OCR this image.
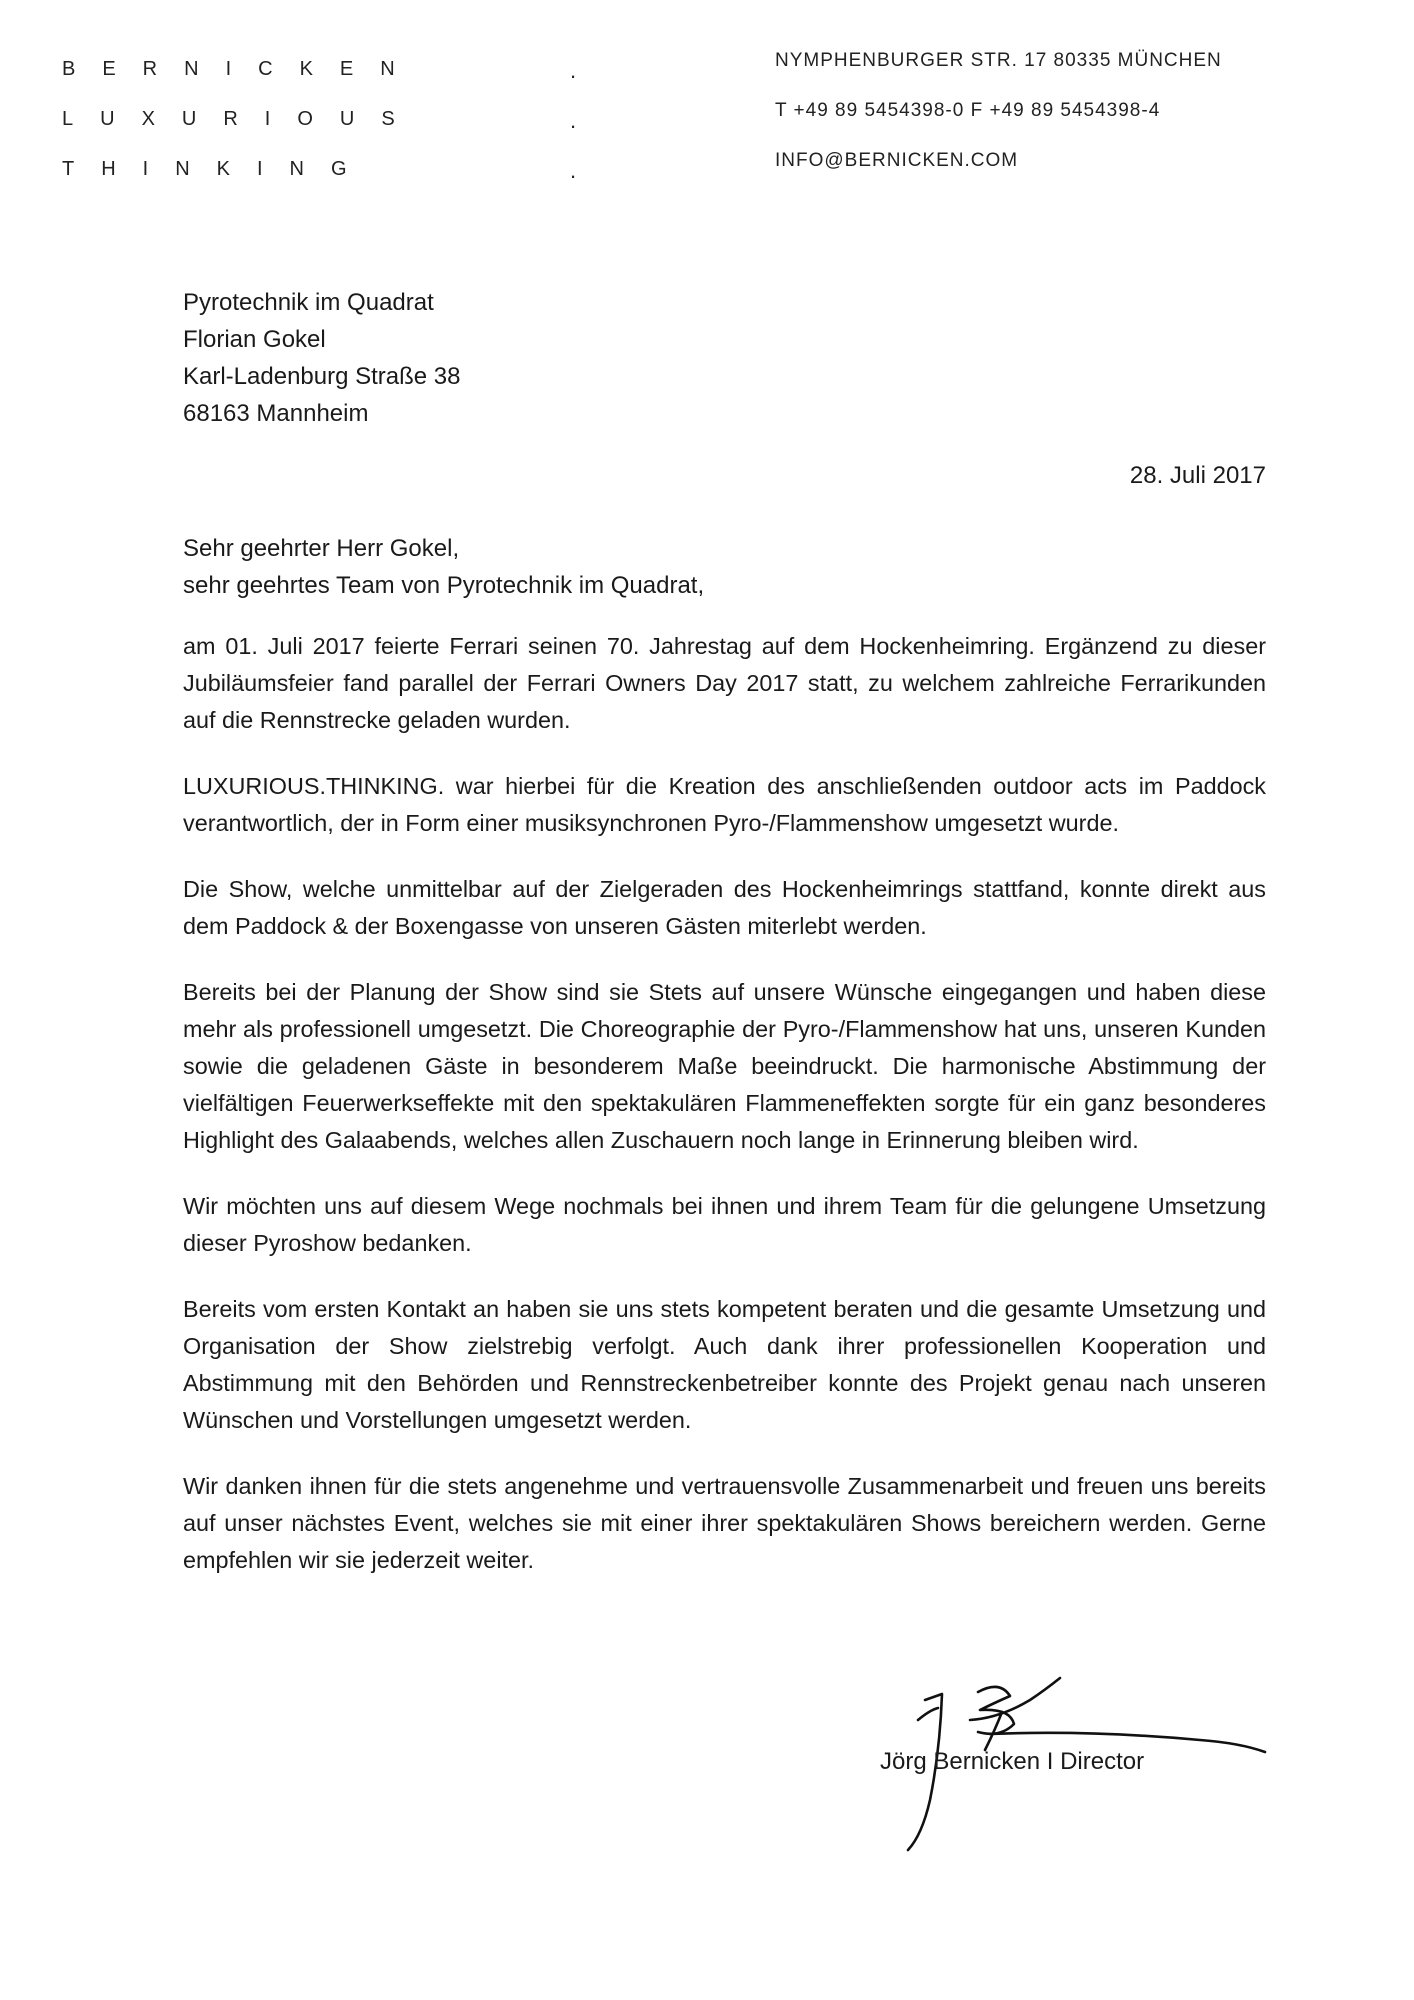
BERNICKEN
LUXURIOUS
THINKING
.
.
.
NYMPHENBURGER STR. 17 80335 MÜNCHEN
T +49 89 5454398-0 F +49 89 5454398-4
INFO@BERNICKEN.COM
Pyrotechnik im Quadrat
Florian Gokel
Karl-Ladenburg Straße 38
68163 Mannheim
28. Juli 2017
Sehr geehrter Herr Gokel,
sehr geehrtes Team von Pyrotechnik im Quadrat,

am 01. Juli 2017 feierte Ferrari seinen 70. Jahrestag auf dem Hockenheimring. Ergänzend zu dieser Jubiläumsfeier fand parallel der Ferrari Owners Day 2017 statt, zu welchem zahlreiche Ferrarikunden auf die Rennstrecke geladen wurden.

LUXURIOUS.THINKING. war hierbei für die Kreation des anschließenden outdoor acts im Paddock verantwortlich, der in Form einer musiksynchronen Pyro-/Flammenshow umgesetzt wurde.

Die Show, welche unmittelbar auf der Zielgeraden des Hockenheimrings stattfand, konnte direkt aus dem Paddock & der Boxengasse von unseren Gästen miterlebt werden.

Bereits bei der Planung der Show sind sie Stets auf unsere Wünsche eingegangen und haben diese mehr als professionell umgesetzt. Die Choreographie der Pyro-/Flammenshow hat uns, unseren Kunden sowie die geladenen Gäste in besonderem Maße beeindruckt. Die harmonische Abstimmung der vielfältigen Feuerwerkseffekte mit den spektakulären Flammeneffekten sorgte für ein ganz besonderes Highlight des Galaabends, welches allen Zuschauern noch lange in Erinnerung bleiben wird.

Wir möchten uns auf diesem Wege nochmals bei ihnen und ihrem Team für die gelungene Umsetzung dieser Pyroshow bedanken.

Bereits vom ersten Kontakt an haben sie uns stets kompetent beraten und die gesamte Umsetzung und Organisation der Show zielstrebig verfolgt. Auch dank ihrer professionellen Kooperation und Abstimmung mit den Behörden und Rennstreckenbetreiber konnte des Projekt genau nach unseren Wünschen und Vorstellungen umgesetzt werden.

Wir danken ihnen für die stets angenehme und vertrauensvolle Zusammenarbeit und freuen uns bereits auf unser nächstes Event, welches sie mit einer ihrer spektakulären Shows bereichern werden. Gerne empfehlen wir sie jederzeit weiter.

Jörg Bernicken I Director
